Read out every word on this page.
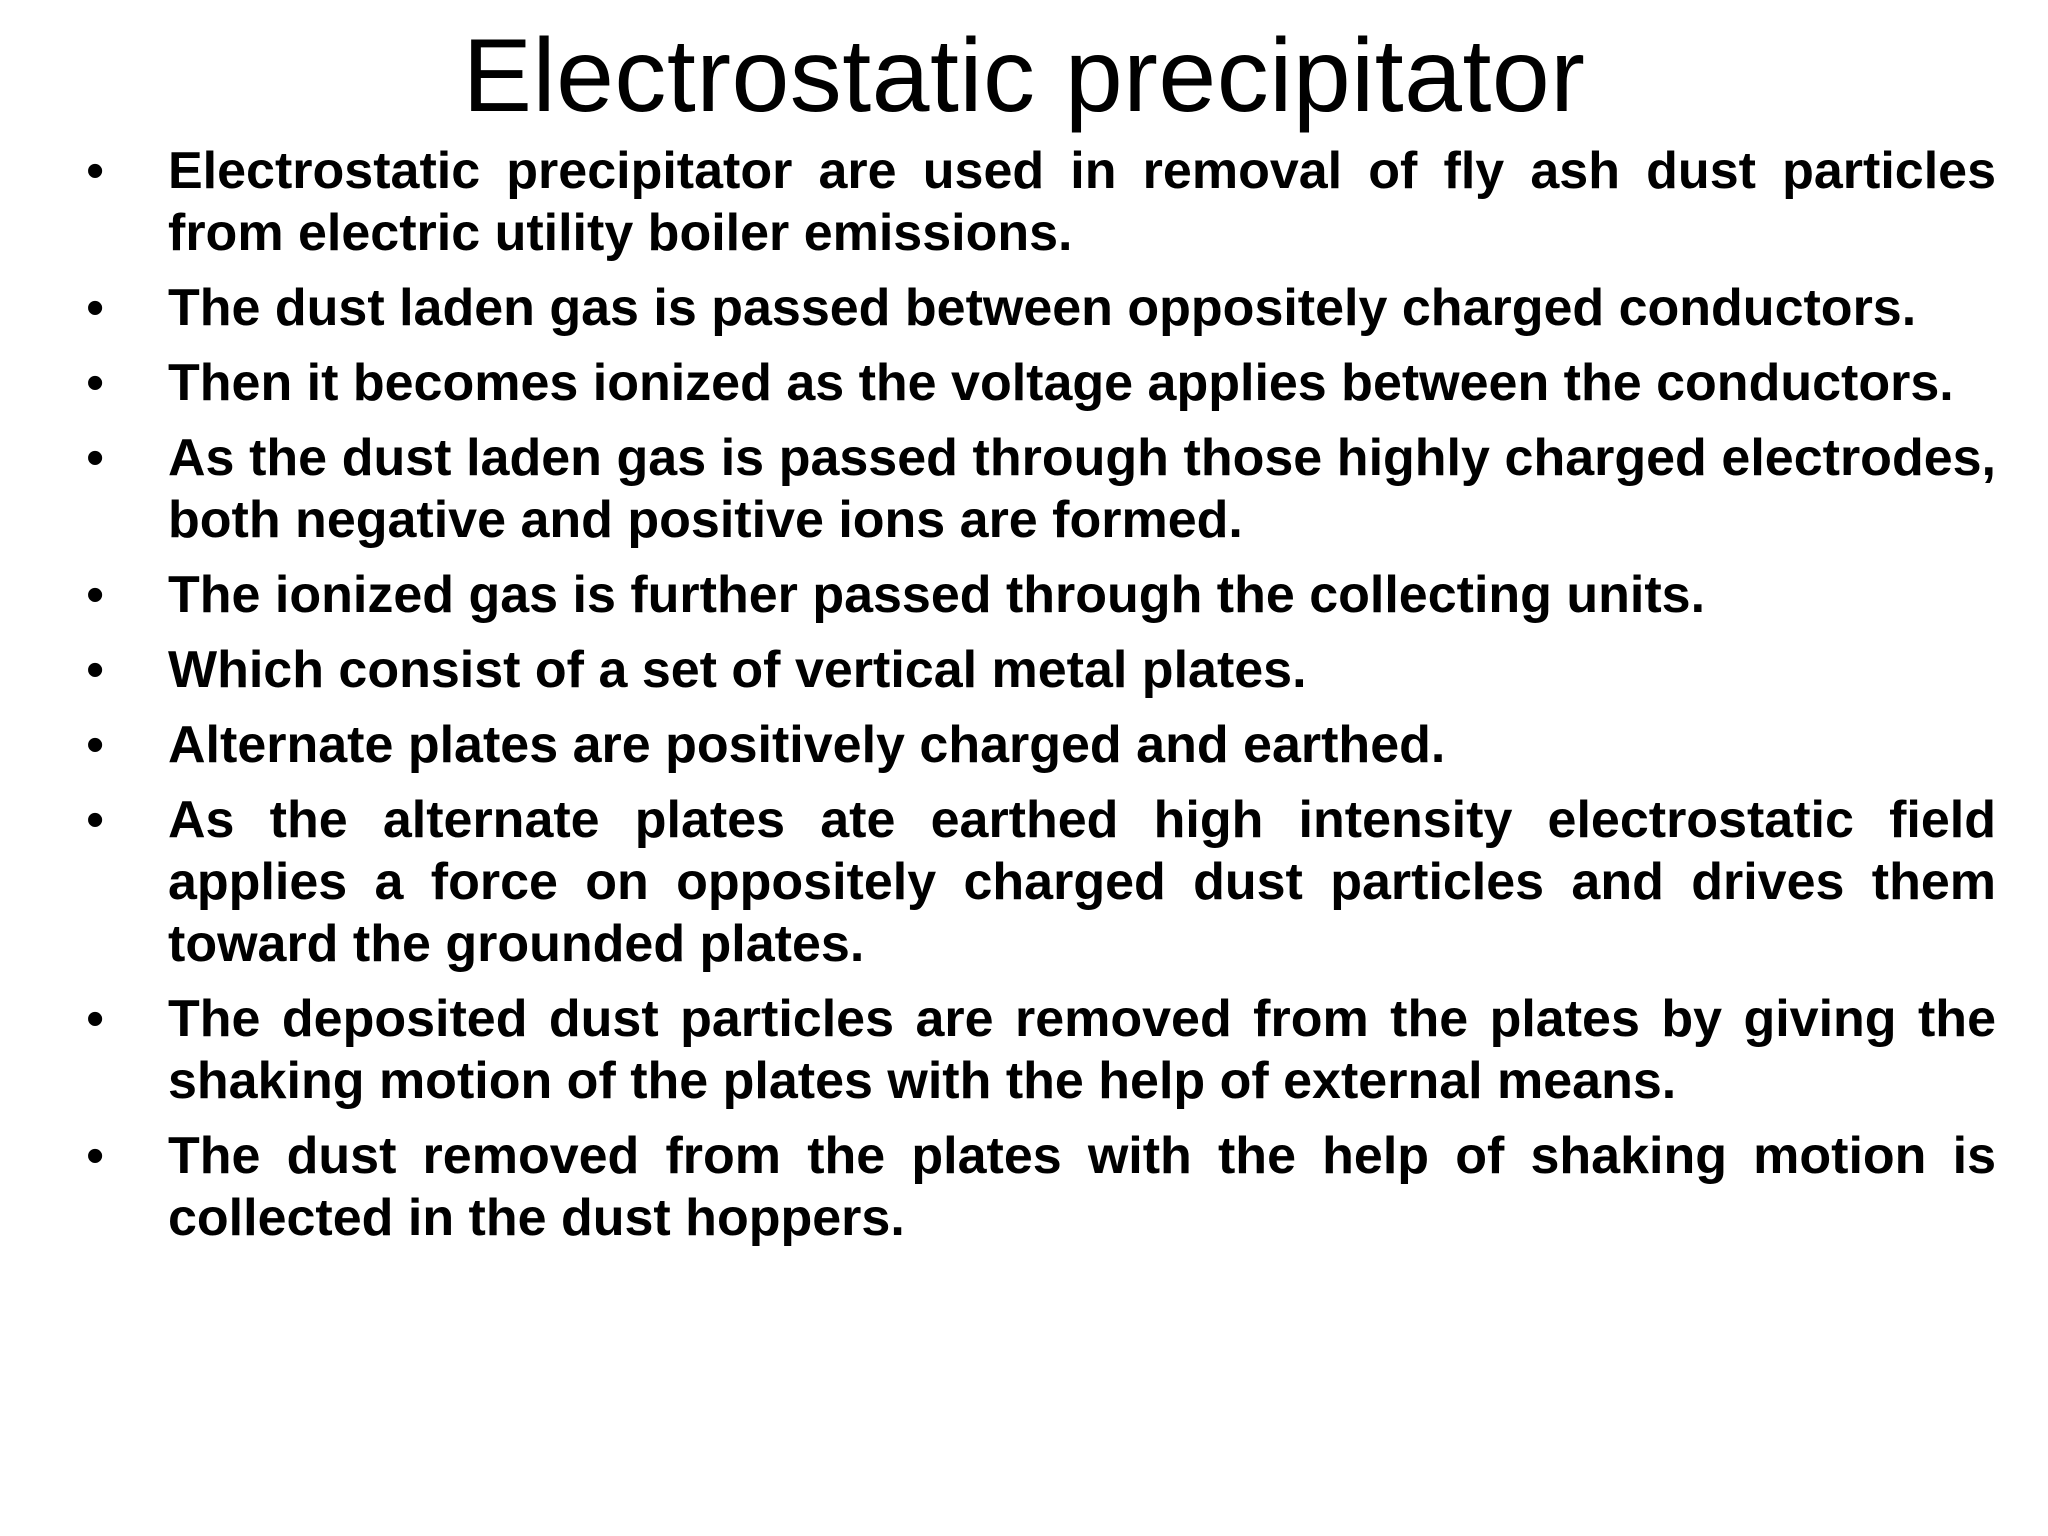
Electrostatic precipitator
•	Electrostatic precipitator are used in removal of fly ash dust particles from electric utility boiler emissions.
•	The dust laden gas is passed between oppositely charged conductors.
•	Then it becomes ionized as the voltage applies between the conductors.
•	As the dust laden gas is passed through those highly charged electrodes, both negative and positive ions are formed.
•	The ionized gas is further passed through the collecting units.
•	Which consist of a set of vertical metal plates.
•	Alternate plates are positively charged and earthed.
•	As the alternate plates ate earthed high intensity electrostatic field applies a force on oppositely charged dust particles and drives them toward the grounded plates.
•	The deposited dust particles are removed from the plates by giving the shaking motion of the plates with the help of external means.
•	The dust removed from the plates with the help of shaking motion is collected in the dust hoppers.
